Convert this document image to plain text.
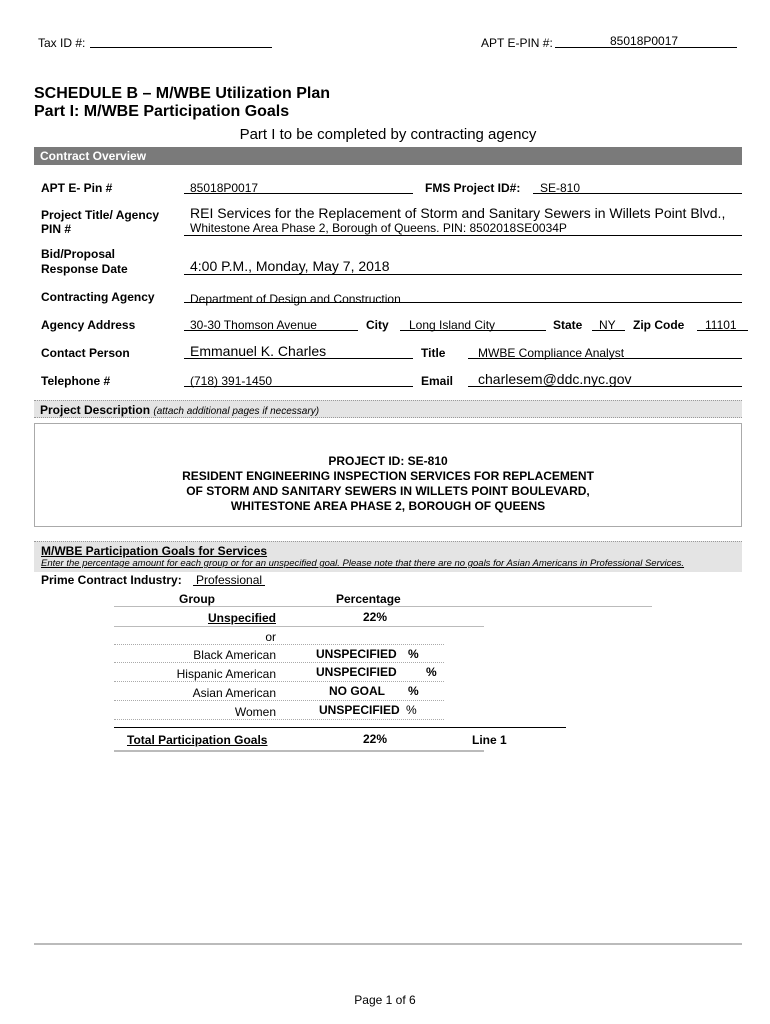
Tax ID #:	APT E-PIN #:	85018P0017
SCHEDULE B – M/WBE Utilization Plan
Part I: M/WBE Participation Goals
Part I to be completed by contracting agency
Contract Overview
APT E- Pin #	85018P0017	FMS Project ID#: SE-810
Project Title/ Agency
PIN #
REI Services for the Replacement of Storm and Sanitary Sewers in Willets Point Blvd.,
Whitestone Area Phase 2, Borough of Queens. PIN: 8502018SE0034P
Bid/Proposal
Response Date	4:00 P.M., Monday, May 7, 2018
Contracting Agency	Department of Design and Construction
Agency Address	30-30 Thomson Avenue	City Long Island City	State NY Zip Code 11101
Contact Person	Emmanuel K. Charles	Title	MWBE Compliance Analyst
Telephone #	(718) 391-1450	Email charlesem@ddc.nyc.gov
Project Description (attach additional pages if necessary)
PROJECT ID: SE-810
RESIDENT ENGINEERING INSPECTION SERVICES FOR REPLACEMENT
OF STORM AND SANITARY SEWERS IN WILLETS POINT BOULEVARD,
WHITESTONE AREA PHASE 2, BOROUGH OF QUEENS
M/WBE Participation Goals for Services
Enter the percentage amount for each group or for an unspecified goal. Please note that there are no goals for Asian Americans in Professional Services.
Prime Contract Industry: Professional
Group	Percentage
Unspecified	22%
or
Black American	UNSPECIFIED %
Hispanic American	UNSPECIFIED %
Asian American	NO GOAL %
Women	UNSPECIFIED %
Total Participation Goals	22%	Line 1
Page 1 of 6
